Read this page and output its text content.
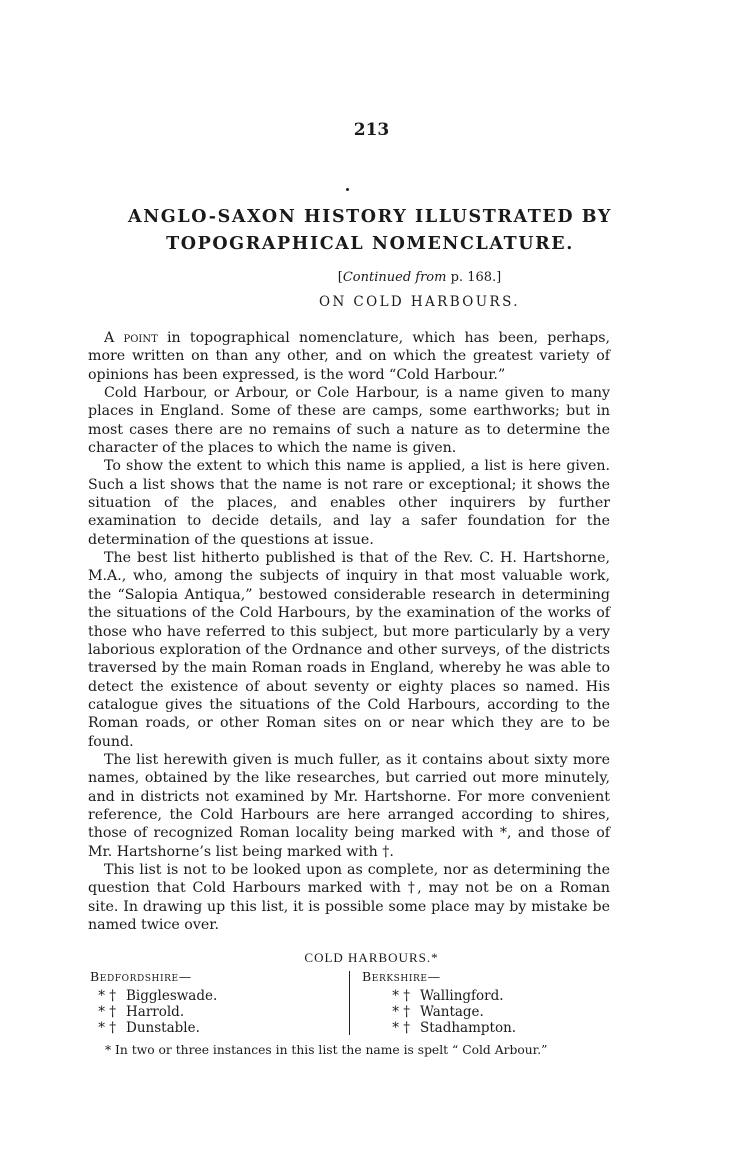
213
ANGLO-SAXON HISTORY ILLUSTRATED BY
TOPOGRAPHICAL NOMENCLATURE.
[Continued from p. 168.]
ON COLD HARBOURS.

A point in topographical nomenclature, which has been, perhaps, more written on than any other, and on which the greatest variety of opinions has been expressed, is the word “Cold Harbour.”

Cold Harbour, or Arbour, or Cole Harbour, is a name given to many places in England. Some of these are camps, some earthworks; but in most cases there are no remains of such a nature as to determine the character of the places to which the name is given.

To show the extent to which this name is applied, a list is here given. Such a list shows that the name is not rare or exceptional; it shows the situation of the places, and enables other inquirers by further examination to decide details, and lay a safer foundation for the determination of the questions at issue.

The best list hitherto published is that of the Rev. C. H. Hartshorne, M.A., who, among the subjects of inquiry in that most valuable work, the “Salopia Antiqua,” bestowed considerable research in determining the situations of the Cold Harbours, by the examination of the works of those who have referred to this subject, but more particularly by a very laborious exploration of the Ordnance and other surveys, of the districts traversed by the main Roman roads in England, whereby he was able to detect the existence of about seventy or eighty places so named. His catalogue gives the situations of the Cold Harbours, according to the Roman roads, or other Roman sites on or near which they are to be found.

The list herewith given is much fuller, as it contains about sixty more names, obtained by the like researches, but carried out more minutely, and in districts not examined by Mr. Hartshorne. For more convenient reference, the Cold Harbours are here arranged according to shires, those of recognized Roman locality being marked with *, and those of Mr. Hartshorne’s list being marked with †.

This list is not to be looked upon as complete, nor as determining the question that Cold Harbours marked with †, may not be on a Roman site. In drawing up this list, it is possible some place may by mistake be named twice over.

COLD HARBOURS.*
Bedfordshire—
* † Biggleswade.
* † Harrold.
* † Dunstable.
Berkshire—
* † Wallingford.
* † Wantage.
* † Stadhampton.
* In two or three instances in this list the name is spelt “ Cold Arbour.”
